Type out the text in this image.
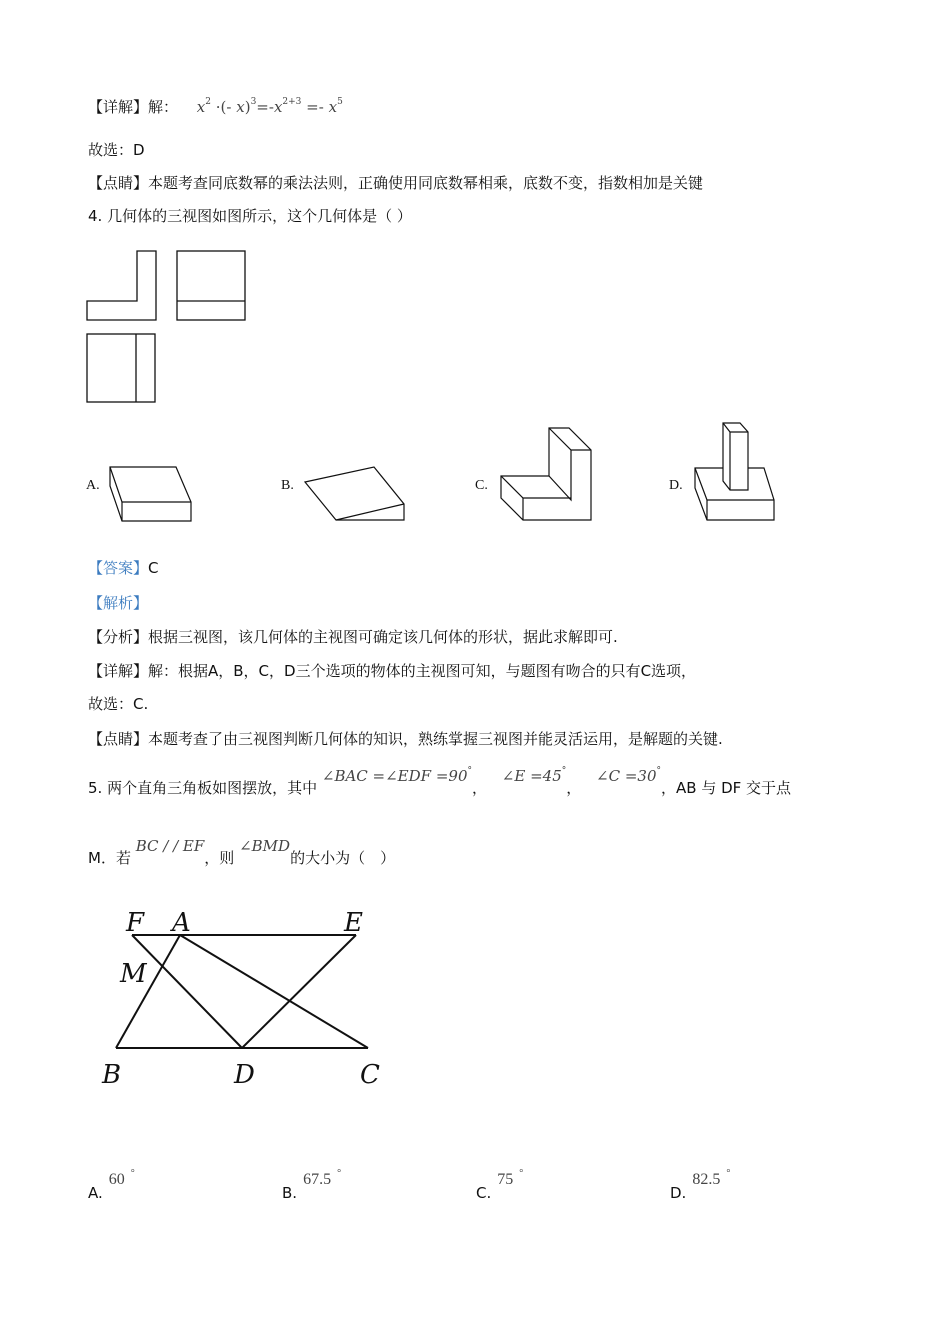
【详解】解： $x^2$ ·(- $x)^3=-x^{2+3} =- x^5$
故选：D
【点睛】本题考查同底数幂的乘法法则，正确使用同底数幂相乘，底数不变，指数相加是关键
4. 几何体的三视图如图所示，这个几何体是（ ）
A.	B.	C.	D.
【答案】C
【解析】
【分析】根据三视图，该几何体的主视图可确定该几何体的形状，据此求解即可.
【详解】解：根据A，B，C，D三个选项的物体的主视图可知，与题图有吻合的只有C选项，
故选：C.
【点睛】本题考查了由三视图判断几何体的知识，熟练掌握三视图并能灵活运用，是解题的关键.
5. 两个直角三角板如图摆放，其中 ∠BAC =∠EDF =90°， ∠E =45°， ∠C =30°，AB 与 DF 交于点
M．若 BC / / EF，则 ∠BMD的大小为（　）
F A	E
M
B	D	C
A.60 °
B.67.5 °
C.75 °
D.82.5 °
